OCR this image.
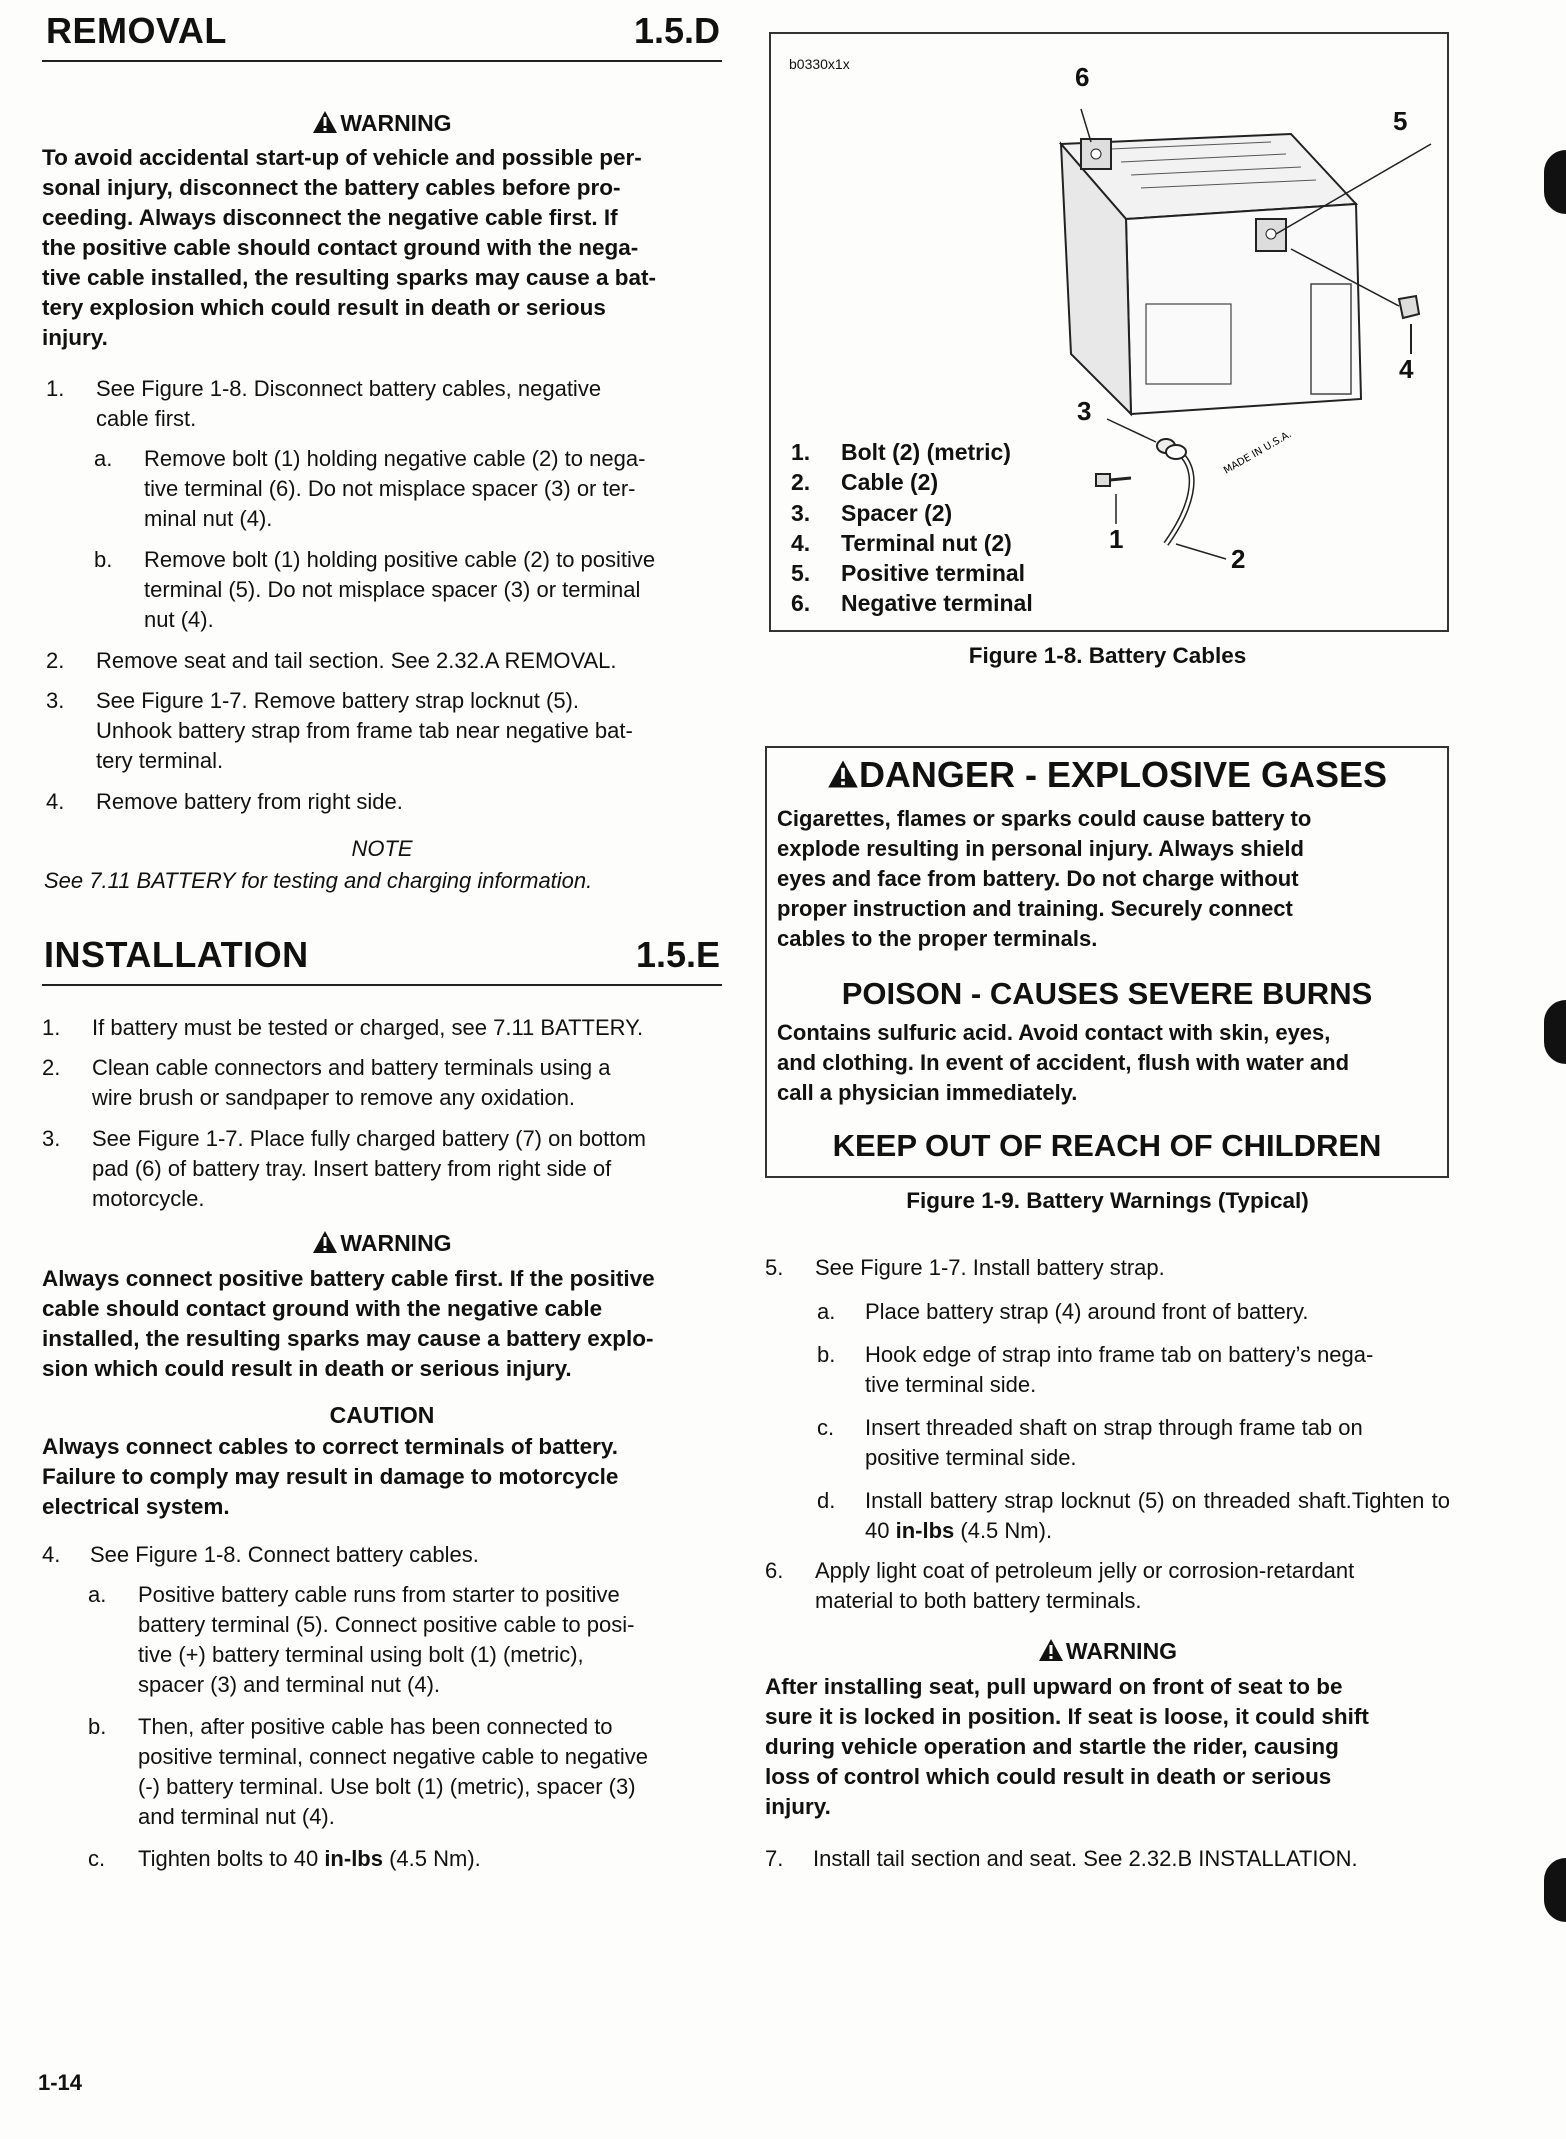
REMOVAL	1.5.D
WARNING
To avoid accidental start-up of vehicle and possible per-
sonal injury, disconnect the battery cables before pro-
ceeding. Always disconnect the negative cable first. If
the positive cable should contact ground with the nega-
tive cable installed, the resulting sparks may cause a bat-
tery explosion which could result in death or serious
injury.
1. See Figure 1-8. Disconnect battery cables, negative
cable first.
a. Remove bolt (1) holding negative cable (2) to nega-
tive terminal (6). Do not misplace spacer (3) or ter-
minal nut (4).
b. Remove bolt (1) holding positive cable (2) to positive
terminal (5). Do not misplace spacer (3) or terminal
nut (4).
2. Remove seat and tail section. See 2.32.A REMOVAL.
3. See Figure 1-7. Remove battery strap locknut (5).
Unhook battery strap from frame tab near negative bat-
tery terminal.
4. Remove battery from right side.
NOTE
See 7.11 BATTERY for testing and charging information.
INSTALLATION	1.5.E
1. If battery must be tested or charged, see 7.11 BATTERY.
2. Clean cable connectors and battery terminals using a
wire brush or sandpaper to remove any oxidation.
3. See Figure 1-7. Place fully charged battery (7) on bottom
pad (6) of battery tray. Insert battery from right side of
motorcycle.
WARNING
Always connect positive battery cable first. If the positive
cable should contact ground with the negative cable
installed, the resulting sparks may cause a battery explo-
sion which could result in death or serious injury.
CAUTION
Always connect cables to correct terminals of battery.
Failure to comply may result in damage to motorcycle
electrical system.
4. See Figure 1-8. Connect battery cables.
a. Positive battery cable runs from starter to positive
battery terminal (5). Connect positive cable to posi-
tive (+) battery terminal using bolt (1) (metric),
spacer (3) and terminal nut (4).
b. Then, after positive cable has been connected to
positive terminal, connect negative cable to negative
(-) battery terminal. Use bolt (1) (metric), spacer (3)
and terminal nut (4).
c. Tighten bolts to 40 in-lbs (4.5 Nm).
b0330x1x
MADE IN U.S.A.
6
5
4
3
1
2
1. Bolt (2) (metric)
2. Cable (2)
3. Spacer (2)
4. Terminal nut (2)
5. Positive terminal
6. Negative terminal
Figure 1-8. Battery Cables
DANGER - EXPLOSIVE GASES
Cigarettes, flames or sparks could cause battery to
explode resulting in personal injury. Always shield
eyes and face from battery. Do not charge without
proper instruction and training. Securely connect
cables to the proper terminals.
POISON - CAUSES SEVERE BURNS
Contains sulfuric acid. Avoid contact with skin, eyes,
and clothing. In event of accident, flush with water and
call a physician immediately.
KEEP OUT OF REACH OF CHILDREN
Figure 1-9. Battery Warnings (Typical)
5. See Figure 1-7. Install battery strap.
a. Place battery strap (4) around front of battery.
b. Hook edge of strap into frame tab on battery’s nega-
tive terminal side.
c. Insert threaded shaft on strap through frame tab on
positive terminal side.
d. Install battery strap locknut (5) on threaded shaft.Tighten to 40 in-lbs (4.5 Nm).
6. Apply light coat of petroleum jelly or corrosion-retardant
material to both battery terminals.
WARNING
After installing seat, pull upward on front of seat to be
sure it is locked in position. If seat is loose, it could shift
during vehicle operation and startle the rider, causing
loss of control which could result in death or serious
injury.
7. Install tail section and seat. See 2.32.B INSTALLATION.
1-14
